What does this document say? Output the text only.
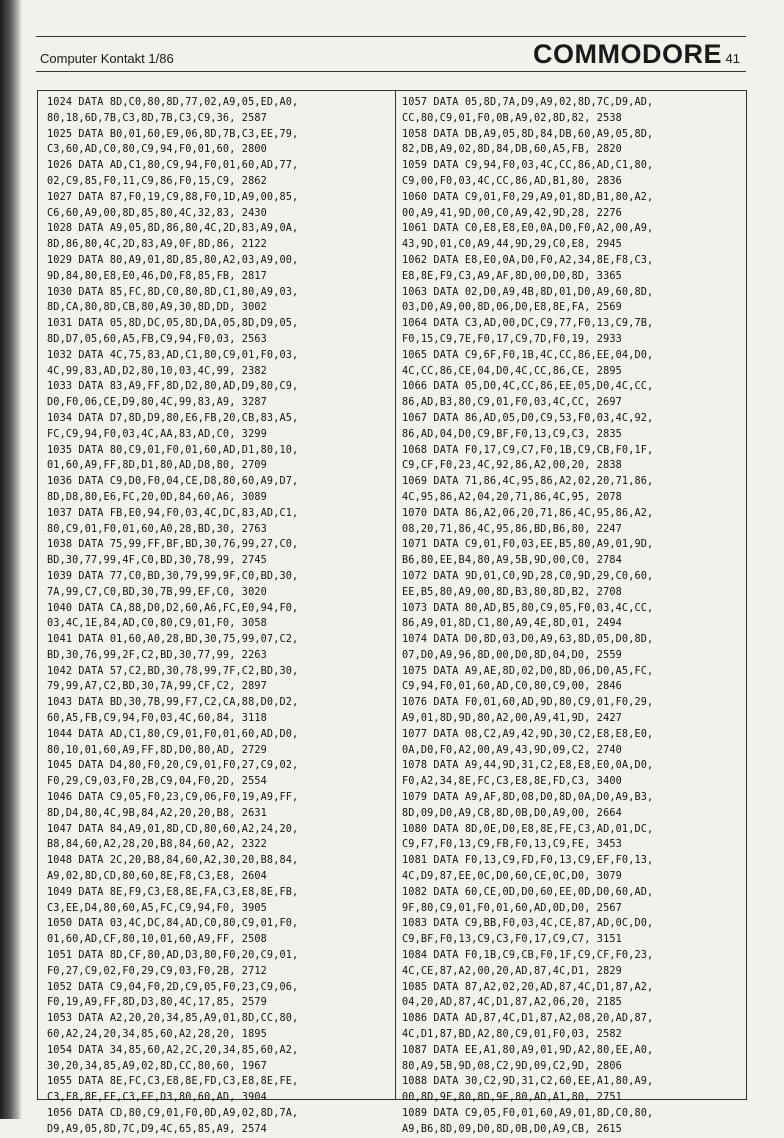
Computer Kontakt 1/86	COMMODORE 41
1024 DATA 8D,C0,80,8D,77,02,A9,05,ED,A0,
80,18,6D,7B,C3,8D,7B,C3,C9,36, 2587
1025 DATA B0,01,60,E9,06,8D,7B,C3,EE,79,
C3,60,AD,C0,80,C9,94,F0,01,60, 2800
1026 DATA AD,C1,80,C9,94,F0,01,60,AD,77,
02,C9,85,F0,11,C9,86,F0,15,C9, 2862
1027 DATA 87,F0,19,C9,88,F0,1D,A9,00,85,
C6,60,A9,00,8D,85,80,4C,32,83, 2430
1028 DATA A9,05,8D,86,80,4C,2D,83,A9,0A,
8D,86,80,4C,2D,83,A9,0F,8D,86, 2122
1029 DATA 80,A9,01,8D,85,80,A2,03,A9,00,
9D,84,80,E8,E0,46,D0,F8,85,FB, 2817
1030 DATA 85,FC,8D,C0,80,8D,C1,80,A9,03,
8D,CA,80,8D,CB,80,A9,30,8D,DD, 3002
1031 DATA 05,8D,DC,05,8D,DA,05,8D,D9,05,
8D,D7,05,60,A5,FB,C9,94,F0,03, 2563
1032 DATA 4C,75,83,AD,C1,80,C9,01,F0,03,
4C,99,83,AD,D2,80,10,03,4C,99, 2382
1033 DATA 83,A9,FF,8D,D2,80,AD,D9,80,C9,
D0,F0,06,CE,D9,80,4C,99,83,A9, 3287
1034 DATA D7,8D,D9,80,E6,FB,20,CB,83,A5,
FC,C9,94,F0,03,4C,AA,83,AD,C0, 3299
1035 DATA 80,C9,01,F0,01,60,AD,D1,80,10,
01,60,A9,FF,8D,D1,80,AD,D8,80, 2709
1036 DATA C9,D0,F0,04,CE,D8,80,60,A9,D7,
8D,D8,80,E6,FC,20,0D,84,60,A6, 3089
1037 DATA FB,E0,94,F0,03,4C,DC,83,AD,C1,
80,C9,01,F0,01,60,A0,28,BD,30, 2763
1038 DATA 75,99,FF,BF,BD,30,76,99,27,C0,
BD,30,77,99,4F,C0,BD,30,78,99, 2745
1039 DATA 77,C0,BD,30,79,99,9F,C0,BD,30,
7A,99,C7,C0,BD,30,7B,99,EF,C0, 3020
1040 DATA CA,88,D0,D2,60,A6,FC,E0,94,F0,
03,4C,1E,84,AD,C0,80,C9,01,F0, 3058
1041 DATA 01,60,A0,28,BD,30,75,99,07,C2,
BD,30,76,99,2F,C2,BD,30,77,99, 2263
1042 DATA 57,C2,BD,30,78,99,7F,C2,BD,30,
79,99,A7,C2,BD,30,7A,99,CF,C2, 2897
1043 DATA BD,30,7B,99,F7,C2,CA,88,D0,D2,
60,A5,FB,C9,94,F0,03,4C,60,84, 3118
1044 DATA AD,C1,80,C9,01,F0,01,60,AD,D0,
80,10,01,60,A9,FF,8D,D0,80,AD, 2729
1045 DATA D4,80,F0,20,C9,01,F0,27,C9,02,
F0,29,C9,03,F0,2B,C9,04,F0,2D, 2554
1046 DATA C9,05,F0,23,C9,06,F0,19,A9,FF,
8D,D4,80,4C,9B,84,A2,20,20,B8, 2631
1047 DATA 84,A9,01,8D,CD,80,60,A2,24,20,
B8,84,60,A2,28,20,B8,84,60,A2, 2322
1048 DATA 2C,20,B8,84,60,A2,30,20,B8,84,
A9,02,8D,CD,80,60,8E,F8,C3,E8, 2604
1049 DATA 8E,F9,C3,E8,8E,FA,C3,E8,8E,FB,
C3,EE,D4,80,60,A5,FC,C9,94,F0, 3905
1050 DATA 03,4C,DC,84,AD,C0,80,C9,01,F0,
01,60,AD,CF,80,10,01,60,A9,FF, 2508
1051 DATA 8D,CF,80,AD,D3,80,F0,20,C9,01,
F0,27,C9,02,F0,29,C9,03,F0,2B, 2712
1052 DATA C9,04,F0,2D,C9,05,F0,23,C9,06,
F0,19,A9,FF,8D,D3,80,4C,17,85, 2579
1053 DATA A2,20,20,34,85,A9,01,8D,CC,80,
60,A2,24,20,34,85,60,A2,28,20, 1895
1054 DATA 34,85,60,A2,2C,20,34,85,60,A2,
30,20,34,85,A9,02,8D,CC,80,60, 1967
1055 DATA 8E,FC,C3,E8,8E,FD,C3,E8,8E,FE,
C3,E8,8E,FF,C3,EE,D3,80,60,AD, 3904
1056 DATA CD,80,C9,01,F0,0D,A9,02,8D,7A,
D9,A9,05,8D,7C,D9,4C,65,85,A9, 2574
1057 DATA 05,8D,7A,D9,A9,02,8D,7C,D9,AD,
CC,80,C9,01,F0,0B,A9,02,8D,82, 2538
1058 DATA DB,A9,05,8D,84,DB,60,A9,05,8D,
82,DB,A9,02,8D,84,DB,60,A5,FB, 2820
1059 DATA C9,94,F0,03,4C,CC,86,AD,C1,80,
C9,00,F0,03,4C,CC,86,AD,B1,80, 2836
1060 DATA C9,01,F0,29,A9,01,8D,B1,80,A2,
00,A9,41,9D,00,C0,A9,42,9D,28, 2276
1061 DATA C0,E8,E8,E0,0A,D0,F0,A2,00,A9,
43,9D,01,C0,A9,44,9D,29,C0,E8, 2945
1062 DATA E8,E0,0A,D0,F0,A2,34,8E,F8,C3,
E8,8E,F9,C3,A9,AF,8D,00,D0,8D, 3365
1063 DATA 02,D0,A9,4B,8D,01,D0,A9,60,8D,
03,D0,A9,00,8D,06,D0,E8,8E,FA, 2569
1064 DATA C3,AD,00,DC,C9,77,F0,13,C9,7B,
F0,15,C9,7E,F0,17,C9,7D,F0,19, 2933
1065 DATA C9,6F,F0,1B,4C,CC,86,EE,04,D0,
4C,CC,86,CE,04,D0,4C,CC,86,CE, 2895
1066 DATA 05,D0,4C,CC,86,EE,05,D0,4C,CC,
86,AD,B3,80,C9,01,F0,03,4C,CC, 2697
1067 DATA 86,AD,05,D0,C9,53,F0,03,4C,92,
86,AD,04,D0,C9,BF,F0,13,C9,C3, 2835
1068 DATA F0,17,C9,C7,F0,1B,C9,CB,F0,1F,
C9,CF,F0,23,4C,92,86,A2,00,20, 2838
1069 DATA 71,86,4C,95,86,A2,02,20,71,86,
4C,95,86,A2,04,20,71,86,4C,95, 2078
1070 DATA 86,A2,06,20,71,86,4C,95,86,A2,
08,20,71,86,4C,95,86,BD,B6,80, 2247
1071 DATA C9,01,F0,03,EE,B5,80,A9,01,9D,
B6,80,EE,B4,80,A9,5B,9D,00,C0, 2784
1072 DATA 9D,01,C0,9D,28,C0,9D,29,C0,60,
EE,B5,80,A9,00,8D,B3,80,8D,B2, 2708
1073 DATA 80,AD,B5,80,C9,05,F0,03,4C,CC,
86,A9,01,8D,C1,80,A9,4E,8D,01, 2494
1074 DATA D0,8D,03,D0,A9,63,8D,05,D0,8D,
07,D0,A9,96,8D,00,D0,8D,04,D0, 2559
1075 DATA A9,AE,8D,02,D0,8D,06,D0,A5,FC,
C9,94,F0,01,60,AD,C0,80,C9,00, 2846
1076 DATA F0,01,60,AD,9D,80,C9,01,F0,29,
A9,01,8D,9D,80,A2,00,A9,41,9D, 2427
1077 DATA 08,C2,A9,42,9D,30,C2,E8,E8,E0,
0A,D0,F0,A2,00,A9,43,9D,09,C2, 2740
1078 DATA A9,44,9D,31,C2,E8,E8,E0,0A,D0,
F0,A2,34,8E,FC,C3,E8,8E,FD,C3, 3400
1079 DATA A9,AF,8D,08,D0,8D,0A,D0,A9,B3,
8D,09,D0,A9,C8,8D,0B,D0,A9,00, 2664
1080 DATA 8D,0E,D0,E8,8E,FE,C3,AD,01,DC,
C9,F7,F0,13,C9,FB,F0,13,C9,FE, 3453
1081 DATA F0,13,C9,FD,F0,13,C9,EF,F0,13,
4C,D9,87,EE,0C,D0,60,CE,0C,D0, 3079
1082 DATA 60,CE,0D,D0,60,EE,0D,D0,60,AD,
9F,80,C9,01,F0,01,60,AD,0D,D0, 2567
1083 DATA C9,BB,F0,03,4C,CE,87,AD,0C,D0,
C9,BF,F0,13,C9,C3,F0,17,C9,C7, 3151
1084 DATA F0,1B,C9,CB,F0,1F,C9,CF,F0,23,
4C,CE,87,A2,00,20,AD,87,4C,D1, 2829
1085 DATA 87,A2,02,20,AD,87,4C,D1,87,A2,
04,20,AD,87,4C,D1,87,A2,06,20, 2185
1086 DATA AD,87,4C,D1,87,A2,08,20,AD,87,
4C,D1,87,BD,A2,80,C9,01,F0,03, 2582
1087 DATA EE,A1,80,A9,01,9D,A2,80,EE,A0,
80,A9,5B,9D,08,C2,9D,09,C2,9D, 2806
1088 DATA 30,C2,9D,31,C2,60,EE,A1,80,A9,
00,8D,9F,80,8D,9E,80,AD,A1,80, 2751
1089 DATA C9,05,F0,01,60,A9,01,8D,C0,80,
A9,B6,8D,09,D0,8D,0B,D0,A9,CB, 2615
